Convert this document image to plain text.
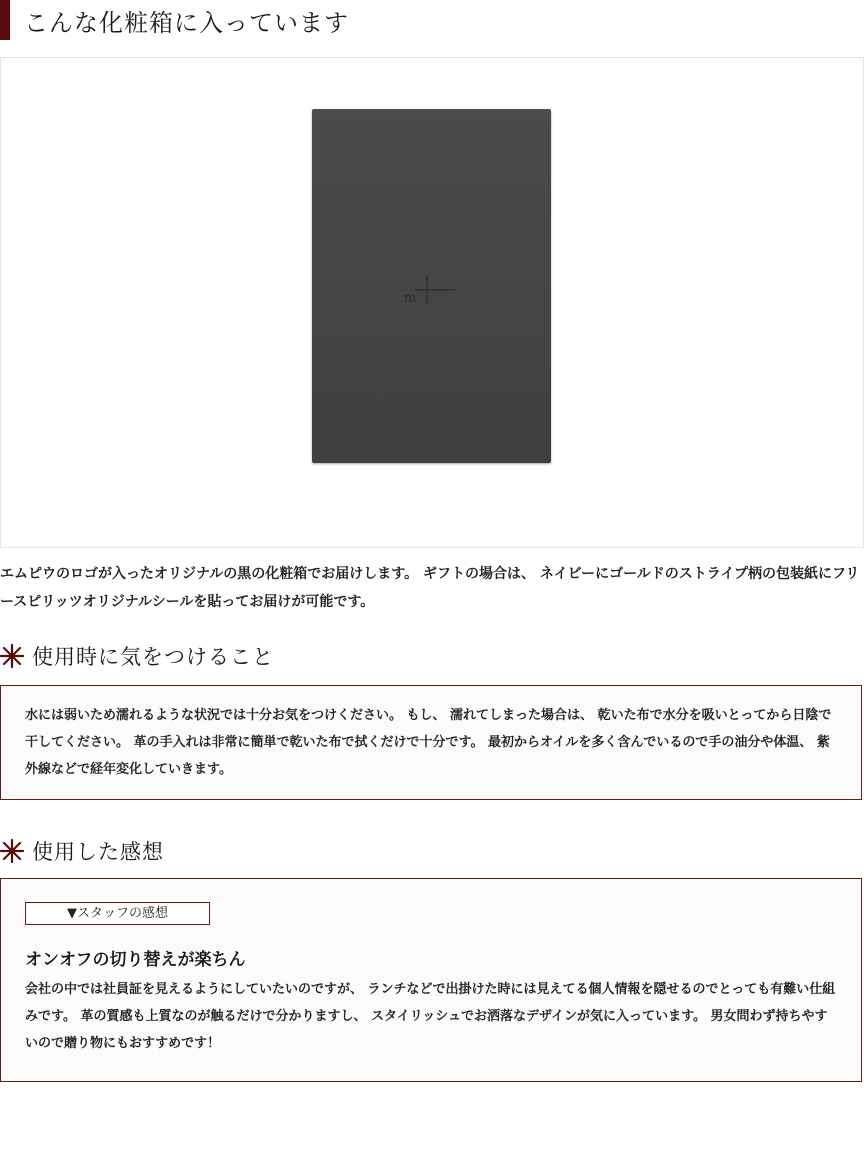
こんな化粧箱に入っています
m
エムピウのロゴが入ったオリジナルの黒の化粧箱でお届けします。 ギフトの場合は、 ネイビーにゴールドのストライプ柄の包装紙にフリースピリッツオリジナルシールを貼ってお届けが可能です。
使用時に気をつけること

水には弱いため濡れるような状況では十分お気をつけください。 もし、 濡れてしまった場合は、 乾いた布で水分を吸いとってから日陰で干してください。 革の手入れは非常に簡単で乾いた布で拭くだけで十分です。 最初からオイルを多く含んでいるので手の油分や体温、 紫外線などで経年変化していきます。

使用した感想
▼スタッフの感想
オンオフの切り替えが楽ちん

会社の中では社員証を見えるようにしていたいのですが、 ランチなどで出掛けた時には見えてる個人情報を隠せるのでとっても有難い仕組みです。 革の質感も上質なのが触るだけで分かりますし、 スタイリッシュでお洒落なデザインが気に入っています。 男女問わず持ちやすいので贈り物にもおすすめです！
